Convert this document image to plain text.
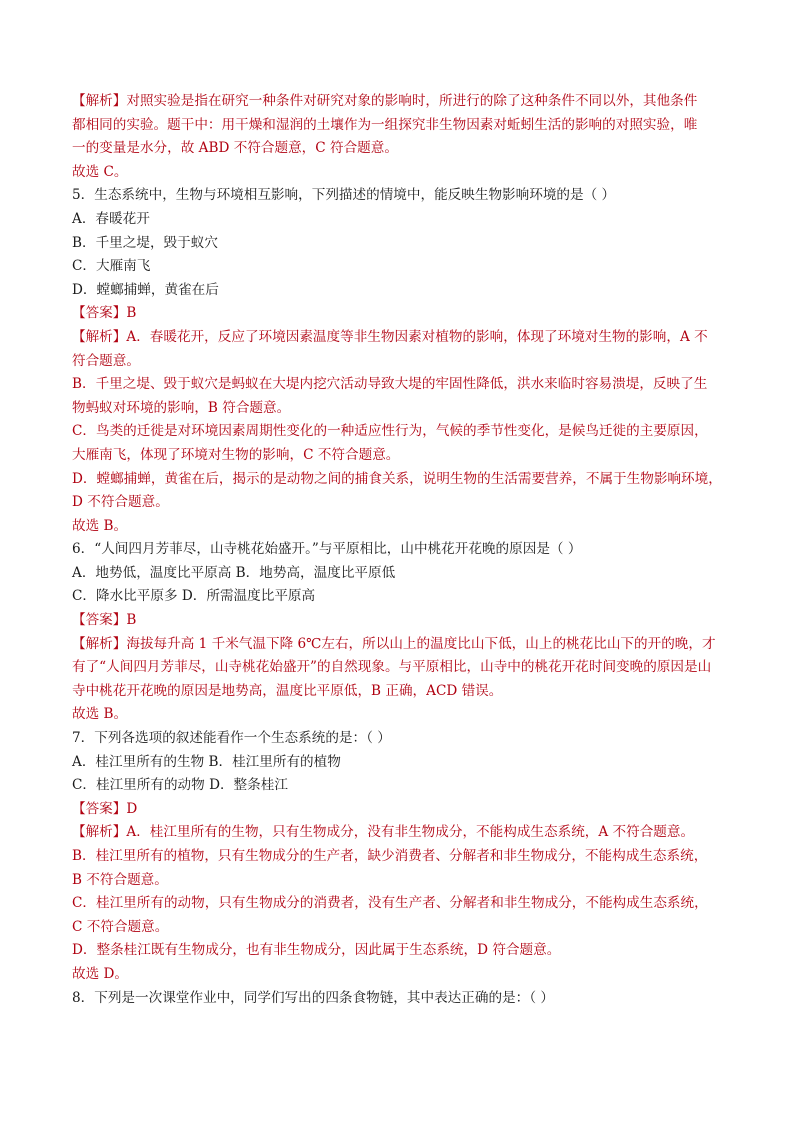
【解析】对照实验是指在研究一种条件对研究对象的影响时，所进行的除了这种条件不同以外，其他条件
都相同的实验。题干中：用干燥和湿润的土壤作为一组探究非生物因素对蚯蚓生活的影响的对照实验，唯
一的变量是水分，故 ABD 不符合题意，C 符合题意。
故选 C。
5．生态系统中，生物与环境相互影响，下列描述的情境中，能反映生物影响环境的是（ ）
A．春暖花开
B．千里之堤，毁于蚁穴
C．大雁南飞
D．螳螂捕蝉，黄雀在后
【答案】B
【解析】A．春暖花开，反应了环境因素温度等非生物因素对植物的影响，体现了环境对生物的影响，A 不
符合题意。
B．千里之堤、毁于蚁穴是蚂蚁在大堤内挖穴活动导致大堤的牢固性降低，洪水来临时容易溃堤，反映了生
物蚂蚁对环境的影响，B 符合题意。
C．鸟类的迁徙是对环境因素周期性变化的一种适应性行为，气候的季节性变化，是候鸟迁徙的主要原因，
大雁南飞，体现了环境对生物的影响，C 不符合题意。
D．螳螂捕蝉，黄雀在后，揭示的是动物之间的捕食关系，说明生物的生活需要营养，不属于生物影响环境，
D 不符合题意。
故选 B。
6．“人间四月芳菲尽，山寺桃花始盛开。”与平原相比，山中桃花开花晚的原因是（ ）
A．地势低，温度比平原高 B．地势高，温度比平原低
C．降水比平原多 D．所需温度比平原高
【答案】B
【解析】海拔每升高 1 千米气温下降 6℃左右，所以山上的温度比山下低，山上的桃花比山下的开的晚，才
有了“人间四月芳菲尽，山寺桃花始盛开”的自然现象。与平原相比，山寺中的桃花开花时间变晚的原因是山
寺中桃花开花晚的原因是地势高，温度比平原低，B 正确，ACD 错误。
故选 B。
7．下列各选项的叙述能看作一个生态系统的是：（ ）
A．桂江里所有的生物 B．桂江里所有的植物
C．桂江里所有的动物 D．整条桂江
【答案】D
【解析】A．桂江里所有的生物，只有生物成分，没有非生物成分，不能构成生态系统，A 不符合题意。
B．桂江里所有的植物，只有生物成分的生产者，缺少消费者、分解者和非生物成分，不能构成生态系统，
B 不符合题意。
C．桂江里所有的动物，只有生物成分的消费者，没有生产者、分解者和非生物成分，不能构成生态系统，
C 不符合题意。
D．整条桂江既有生物成分，也有非生物成分，因此属于生态系统，D 符合题意。
故选 D。
8．下列是一次课堂作业中，同学们写出的四条食物链，其中表达正确的是：（ ）
